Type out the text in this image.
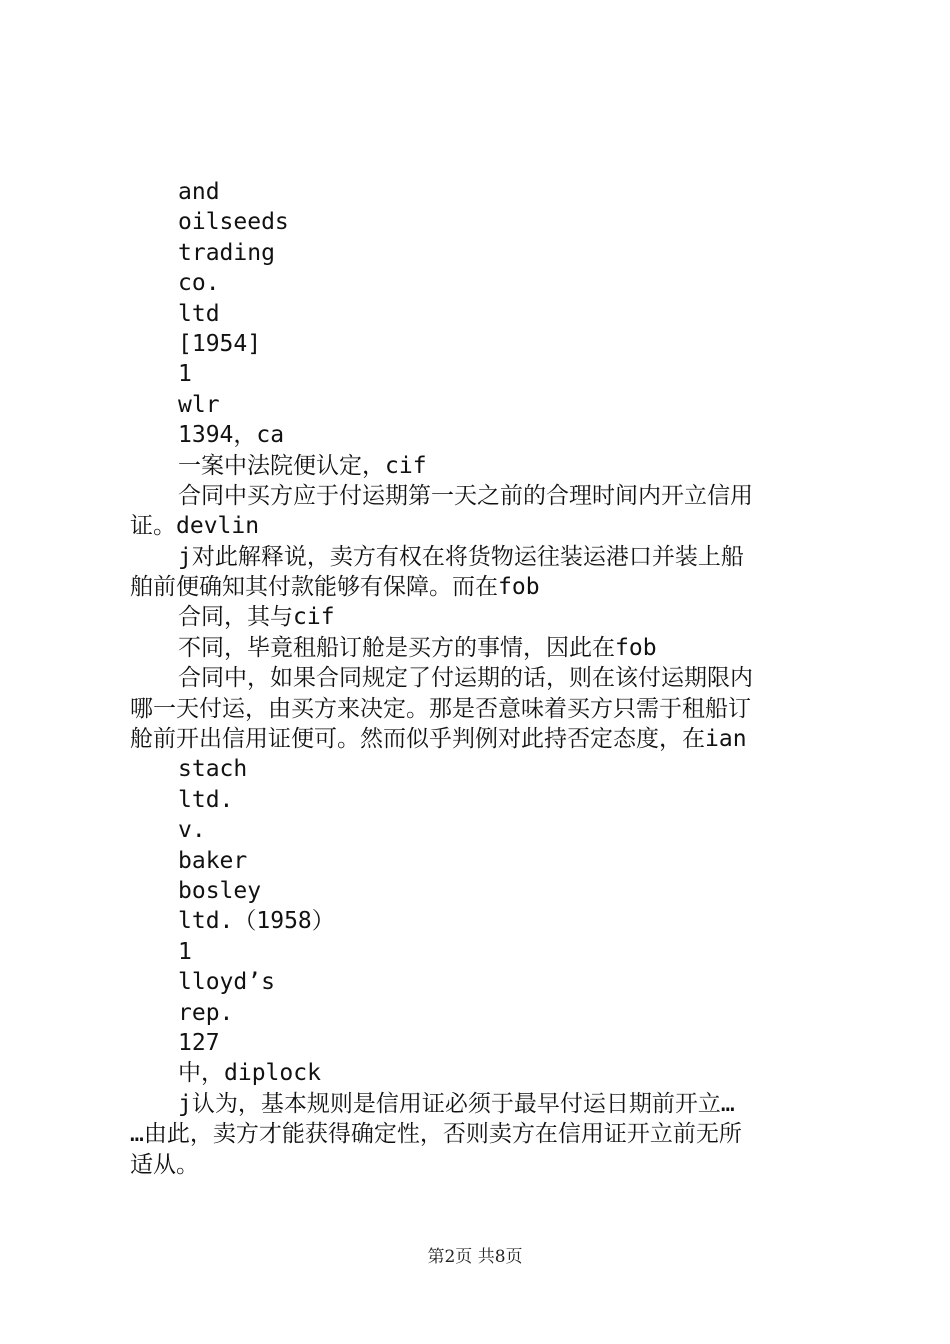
and
oilseeds
trading
co.
ltd
[1954]
1
wlr
1394，ca
一案中法院便认定，cif
合同中买方应于付运期第一天之前的合理时间内开立信用
证。devlin
j对此解释说，卖方有权在将货物运往装运港口并装上船
舶前便确知其付款能够有保障。而在fob
合同，其与cif
不同，毕竟租船订舱是买方的事情，因此在fob
合同中，如果合同规定了付运期的话，则在该付运期限内
哪一天付运，由买方来决定。那是否意味着买方只需于租船订
舱前开出信用证便可。然而似乎判例对此持否定态度，在ian
stach
ltd.
v.
baker
bosley
ltd.（1958）
1
lloyd’s
rep.
127
中，diplock
j认为，基本规则是信用证必须于最早付运日期前开立…
…由此，卖方才能获得确定性，否则卖方在信用证开立前无所
适从。
第2页 共8页
